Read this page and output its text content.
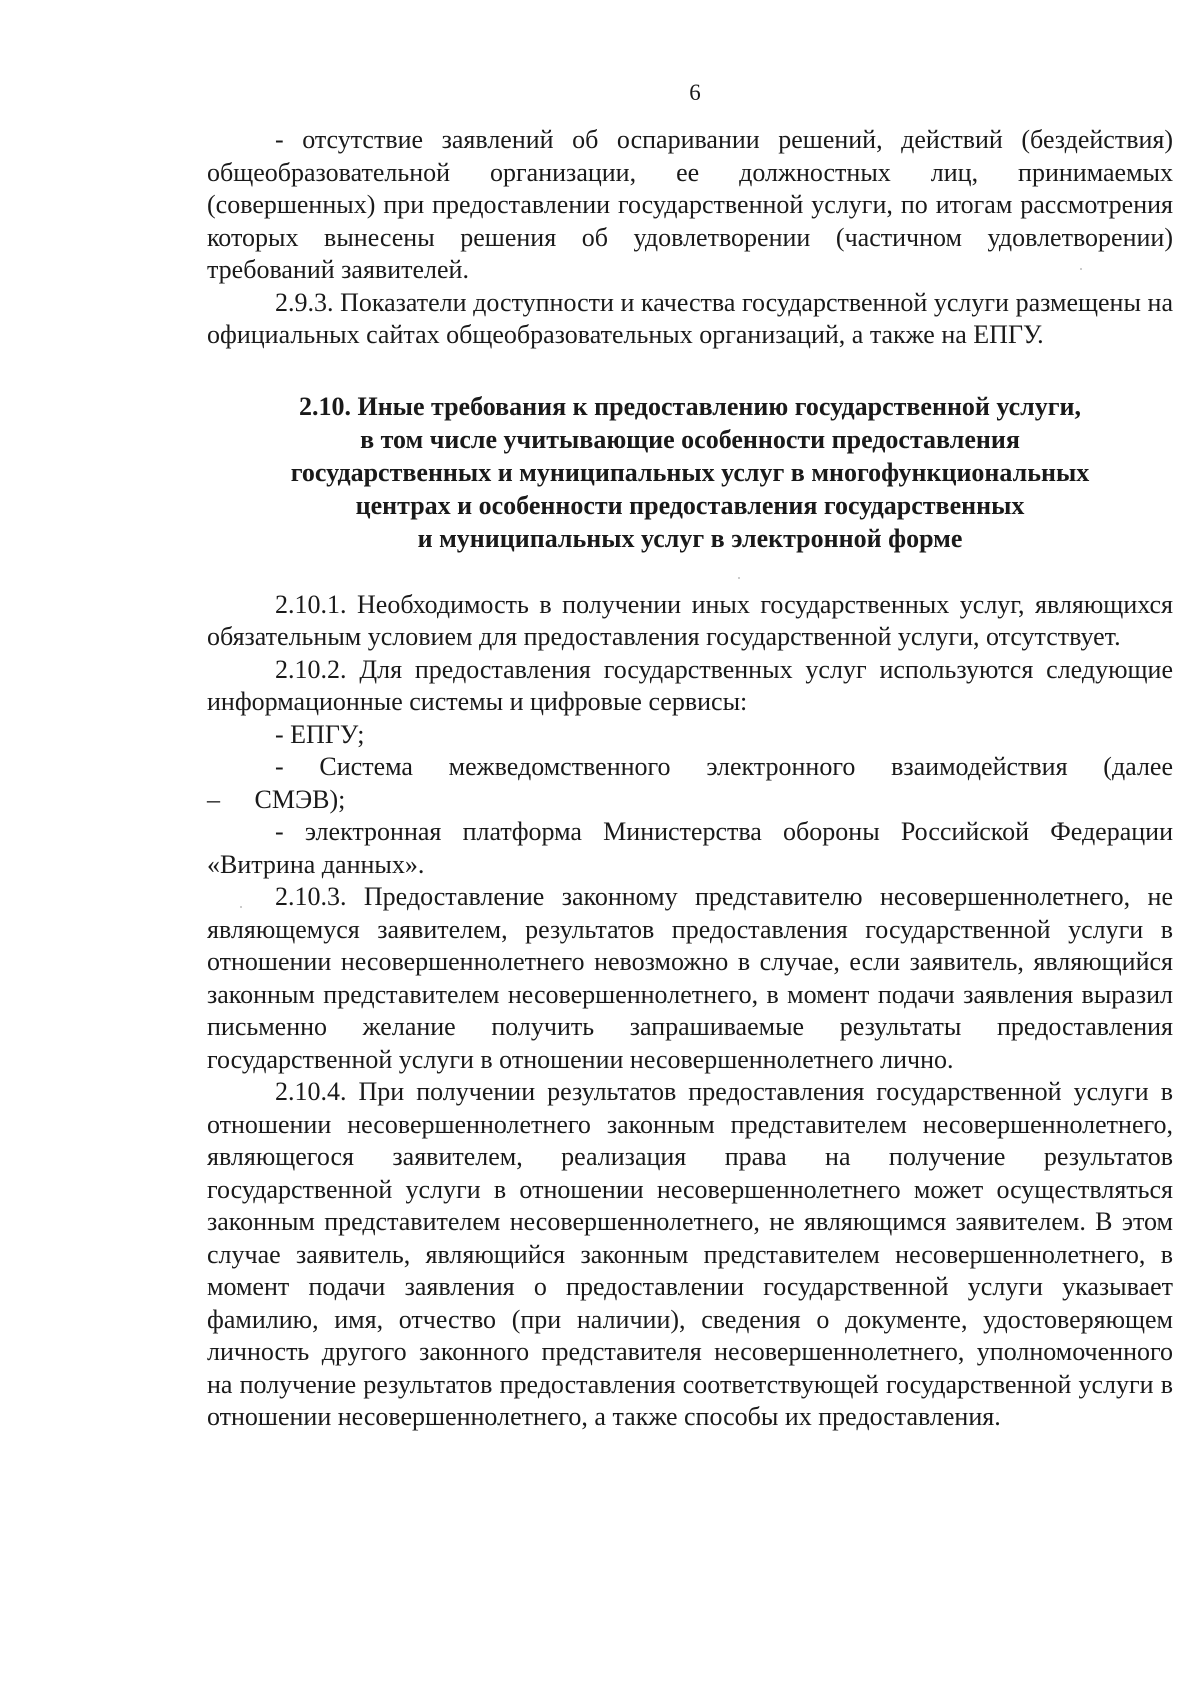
6

- отсутствие заявлений об оспаривании решений, действий (бездействия) общеобразовательной организации, ее должностных лиц, принимаемых (совершенных) при предоставлении государственной услуги, по итогам рассмотрения которых вынесены решения об удовлетворении (частичном удовлетворении) требований заявителей.

2.9.3. Показатели доступности и качества государственной услуги размещены на официальных сайтах общеобразовательных организаций, а также на ЕПГУ.

2.10. Иные требования к предоставлению государственной услуги,
в том числе учитывающие особенности предоставления
государственных и муниципальных услуг в многофункциональных
центрах и особенности предоставления государственных
и муниципальных услуг в электронной форме

2.10.1. Необходимость в получении иных государственных услуг, являющихся обязательным условием для предоставления государственной услуги, отсутствует.

2.10.2. Для предоставления государственных услуг используются следующие информационные системы и цифровые сервисы:

- ЕПГУ;

- Система межведомственного электронного взаимодействия (далее – СМЭВ);

- электронная платформа Министерства обороны Российской Федерации «Витрина данных».

2.10.3. Предоставление законному представителю несовершеннолетнего, не являющемуся заявителем, результатов предоставления государственной услуги в отношении несовершеннолетнего невозможно в случае, если заявитель, являющийся законным представителем несовершеннолетнего, в момент подачи заявления выразил письменно желание получить запрашиваемые результаты предоставления государственной услуги в отношении несовершеннолетнего лично.

2.10.4. При получении результатов предоставления государственной услуги в отношении несовершеннолетнего законным представителем несовершеннолетнего, являющегося заявителем, реализация права на получение результатов государственной услуги в отношении несовершеннолетнего может осуществляться законным представителем несовершеннолетнего, не являющимся заявителем. В этом случае заявитель, являющийся законным представителем несовершеннолетнего, в момент подачи заявления о предоставлении государственной услуги указывает фамилию, имя, отчество (при наличии), сведения о документе, удостоверяющем личность другого законного представителя несовершеннолетнего, уполномоченного на получение результатов предоставления соответствующей государственной услуги в отношении несовершеннолетнего, а также способы их предоставления.
